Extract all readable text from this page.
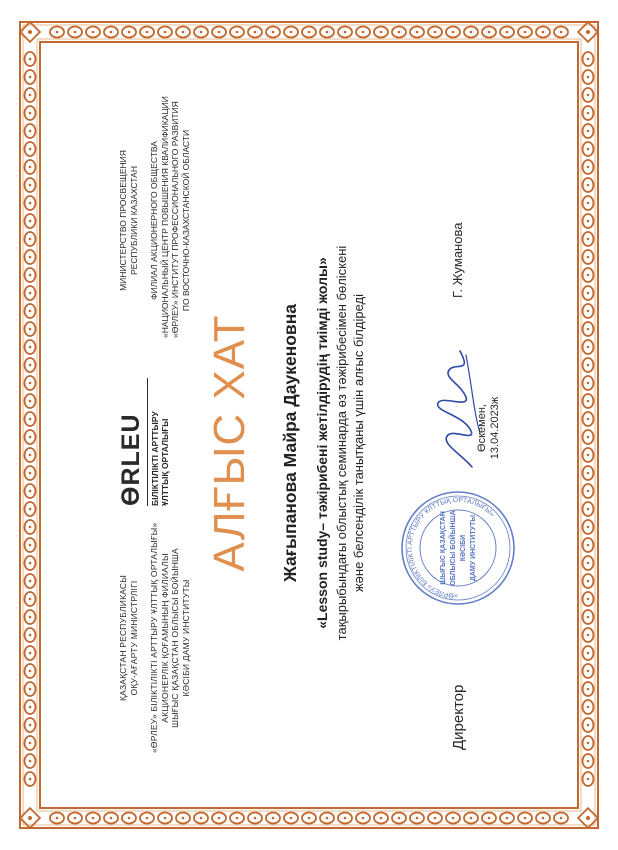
ҚАЗАҚСТАН РЕСПУБЛИКАСЫ ОҚУ-АҒАРТУ МИНИСТРЛІГІ «ӨРЛЕУ» БІЛІКТІЛІКТІ АРТТЫРУ ҰЛТТЫҚ ОРТАЛЫҒЫ» АКЦИОНЕРЛІК ҚОҒАМЫНЫҢ ФИЛИАЛЫ ШЫҒЫС ҚАЗАҚСТАН ОБЛЫСЫ БОЙЫНША КӘСІБИ ДАМУ ИНСТИТУТЫ
ӨRLEU БІЛІКТІЛІКТІ АРТТЫРУ ҰЛТТЫҚ ОРТАЛЫҒЫ
МИНИСТЕРСТВО ПРОСВЕЩЕНИЯ РЕСПУБЛИКИ КАЗАХСТАН ФИЛИАЛ АКЦИОНЕРНОГО ОБЩЕСТВА «НАЦИОНАЛЬНЫЙ ЦЕНТР ПОВЫШЕНИЯ КВАЛИФИКАЦИИ «ӨРЛЕУ» ИНСТИТУТ ПРОФЕССИОНАЛЬНОГО РАЗВИТИЯ ПО ВОСТОЧНО-КАЗАХСТАНСКОЙ ОБЛАСТИ
АЛҒЫС ХАТ Жағыпанова Майра Даукеновна «Lesson study– тәжірибені жетілдірудің тиімді жолы» тақырыбындағы облыстық семинарда өз тәжірибесімен бөліскені және белсенділік танытқаны үшін алғыс білдіреді
«ӨРЛЕУ» БІЛІКТІЛІКТІ АРТТЫРУ ҰЛТТЫҚ ОРТАЛЫҒЫ»
ШЫҒЫС ҚАЗАҚСТАН ОБЛЫСЫ БОЙЫНША КӘСІБИ ДАМУ ИНСТИТУТЫ
Директор
Г. Жуманова
Өскемен, 13.04.2023ж
